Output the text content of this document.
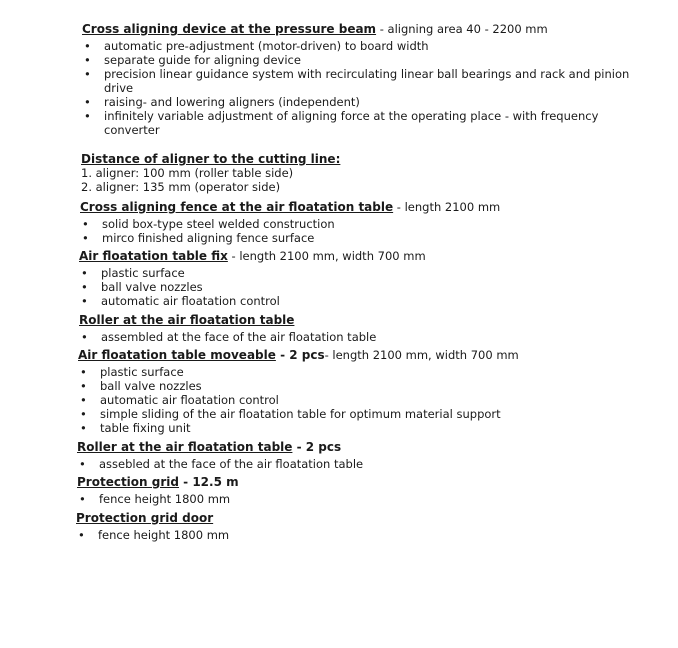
Cross aligning device at the pressure beam - aligning area 40 - 2200 mm
• automatic pre-adjustment (motor-driven) to board width
• separate guide for aligning device
• precision linear guidance system with recirculating linear ball bearings and rack and pinion drive
• raising- and lowering aligners (independent)
• infinitely variable adjustment of aligning force at the operating place - with frequency converter
Distance of aligner to the cutting line:
1. aligner: 100 mm (roller table side)
2. aligner: 135 mm (operator side)
Cross aligning fence at the air floatation table - length 2100 mm
• solid box-type steel welded construction
• mirco finished aligning fence surface
Air floatation table fix - length 2100 mm, width 700 mm
• plastic surface
• ball valve nozzles
• automatic air floatation control
Roller at the air floatation table
• assembled at the face of the air floatation table
Air floatation table moveable - 2 pcs- length 2100 mm, width 700 mm
• plastic surface
• ball valve nozzles
• automatic air floatation control
• simple sliding of the air floatation table for optimum material support
• table fixing unit
Roller at the air floatation table - 2 pcs
• assebled at the face of the air floatation table
Protection grid - 12.5 m
• fence height 1800 mm
Protection grid door
• fence height 1800 mm
